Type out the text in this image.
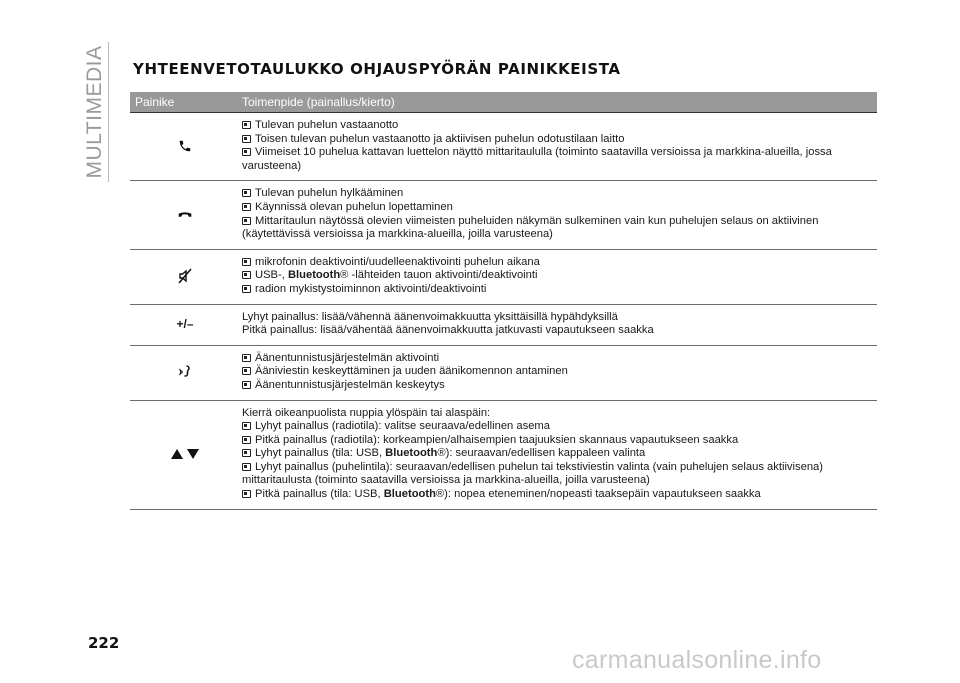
MULTIMEDIA YHTEENVETOTAULUKKO OHJAUSPYÖRÄN PAINIKKEISTA
Painike	Toimenpide (painallus/kierto)
Tulevan puhelun vastaanotto
Toisen tulevan puhelun vastaanotto ja aktiivisen puhelun odotustilaan laitto
Viimeiset 10 puhelua kattavan luettelon näyttö mittaritaululla (toiminto saatavilla versioissa ja markkina-alueilla, jossa varusteena)
Tulevan puhelun hylkääminen
Käynnissä olevan puhelun lopettaminen
Mittaritaulun näytössä olevien viimeisten puheluiden näkymän sulkeminen vain kun puhelujen selaus on aktiivinen (käytettävissä versioissa ja markkina-alueilla, joilla varusteena)
mikrofonin deaktivointi/uudelleenaktivointi puhelun aikana
USB-, Bluetooth® -lähteiden tauon aktivointi/deaktivointi
radion mykistystoiminnon aktivointi/deaktivointi
+/–
Lyhyt painallus: lisää/vähennä äänenvoimakkuutta yksittäisillä hypähdyksillä
Pitkä painallus: lisää/vähentää äänenvoimakkuutta jatkuvasti vapautukseen saakka
Äänentunnistusjärjestelmän aktivointi
Ääniviestin keskeyttäminen ja uuden äänikomennon antaminen
Äänentunnistusjärjestelmän keskeytys
Kierrä oikeanpuolista nuppia ylöspäin tai alaspäin:
Lyhyt painallus (radiotila): valitse seuraava/edellinen asema
Pitkä painallus (radiotila): korkeampien/alhaisempien taajuuksien skannaus vapautukseen saakka
Lyhyt painallus (tila: USB, Bluetooth®): seuraavan/edellisen kappaleen valinta
Lyhyt painallus (puhelintila): seuraavan/edellisen puhelun tai tekstiviestin valinta (vain puhelujen selaus aktiivisena) mittaritaulusta (toiminto saatavilla versioissa ja markkina-alueilla, joilla varusteena)
Pitkä painallus (tila: USB, Bluetooth®): nopea eteneminen/nopeasti taaksepäin vapautukseen saakka
222
carmanualsonline.info
